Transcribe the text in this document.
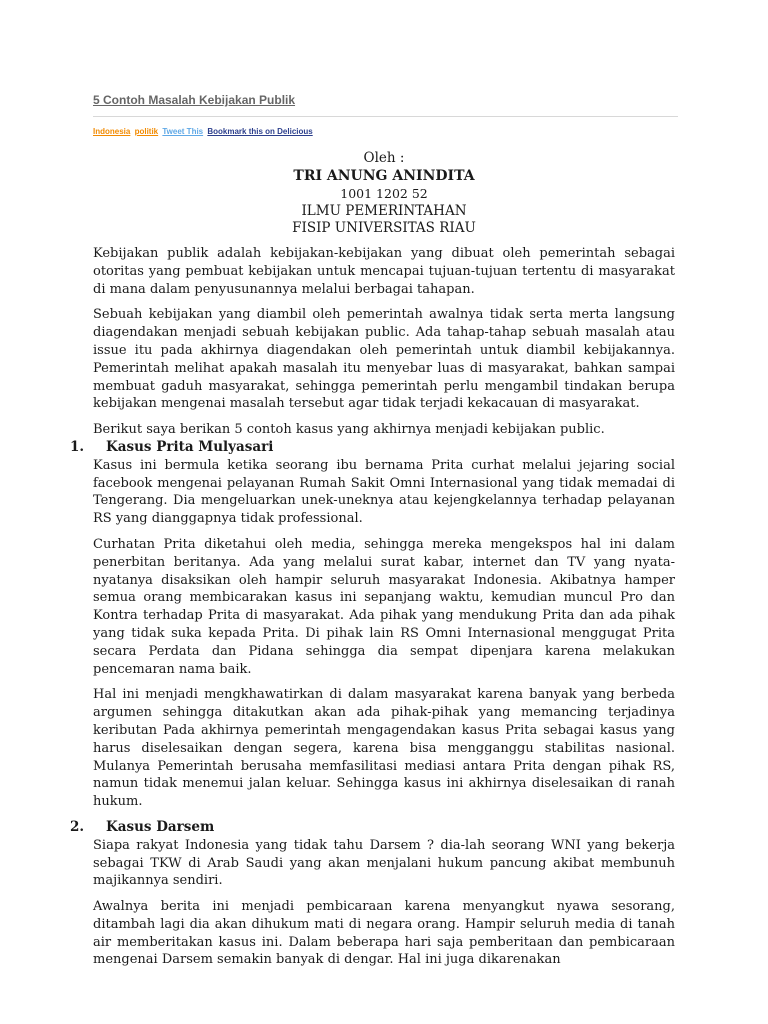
5 Contoh Masalah Kebijakan Publik
Indonesia politik Tweet This Bookmark this on Delicious
Oleh :
TRI ANUNG ANINDITA
1001 1202 52
ILMU PEMERINTAHAN
FISIP UNIVERSITAS RIAU

Kebijakan publik adalah kebijakan-kebijakan yang dibuat oleh pemerintah sebagai otoritas yang pembuat kebijakan untuk mencapai tujuan-tujuan tertentu di masyarakat di mana dalam penyusunannya melalui berbagai tahapan.

Sebuah kebijakan yang diambil oleh pemerintah awalnya tidak serta merta langsung diagendakan menjadi sebuah kebijakan public. Ada tahap-tahap sebuah masalah atau issue itu pada akhirnya diagendakan oleh pemerintah untuk diambil kebijakannya. Pemerintah melihat apakah masalah itu menyebar luas di masyarakat, bahkan sampai membuat gaduh masyarakat, sehingga pemerintah perlu mengambil tindakan berupa kebijakan mengenai masalah tersebut agar tidak terjadi kekacauan di masyarakat.

Berikut saya berikan 5 contoh kasus yang akhirnya menjadi kebijakan public.

1. Kasus Prita Mulyasari

Kasus ini bermula ketika seorang ibu bernama Prita curhat melalui jejaring social facebook mengenai pelayanan Rumah Sakit Omni Internasional yang tidak memadai di Tengerang. Dia mengeluarkan unek-uneknya atau kejengkelannya terhadap pelayanan RS yang dianggapnya tidak professional.

Curhatan Prita diketahui oleh media, sehingga mereka mengekspos hal ini dalam penerbitan beritanya. Ada yang melalui surat kabar, internet dan TV yang nyata-nyatanya disaksikan oleh hampir seluruh masyarakat Indonesia. Akibatnya hamper semua orang membicarakan kasus ini sepanjang waktu, kemudian muncul Pro dan Kontra terhadap Prita di masyarakat. Ada pihak yang mendukung Prita dan ada pihak yang tidak suka kepada Prita. Di pihak lain RS Omni Internasional menggugat Prita secara Perdata dan Pidana sehingga dia sempat dipenjara karena melakukan pencemaran nama baik.

Hal ini menjadi mengkhawatirkan di dalam masyarakat karena banyak yang berbeda argumen sehingga ditakutkan akan ada pihak-pihak yang memancing terjadinya keributan Pada akhirnya pemerintah mengagendakan kasus Prita sebagai kasus yang harus diselesaikan dengan segera, karena bisa mengganggu stabilitas nasional. Mulanya Pemerintah berusaha memfasilitasi mediasi antara Prita dengan pihak RS, namun tidak menemui jalan keluar. Sehingga kasus ini akhirnya diselesaikan di ranah hukum.

2. Kasus Darsem

Siapa rakyat Indonesia yang tidak tahu Darsem ? dia-lah seorang WNI yang bekerja sebagai TKW di Arab Saudi yang akan menjalani hukum pancung akibat membunuh majikannya sendiri.

Awalnya berita ini menjadi pembicaraan karena menyangkut nyawa sesorang, ditambah lagi dia akan dihukum mati di negara orang. Hampir seluruh media di tanah air memberitakan kasus ini. Dalam beberapa hari saja pemberitaan dan pembicaraan mengenai Darsem semakin banyak di dengar. Hal ini juga dikarenakan
